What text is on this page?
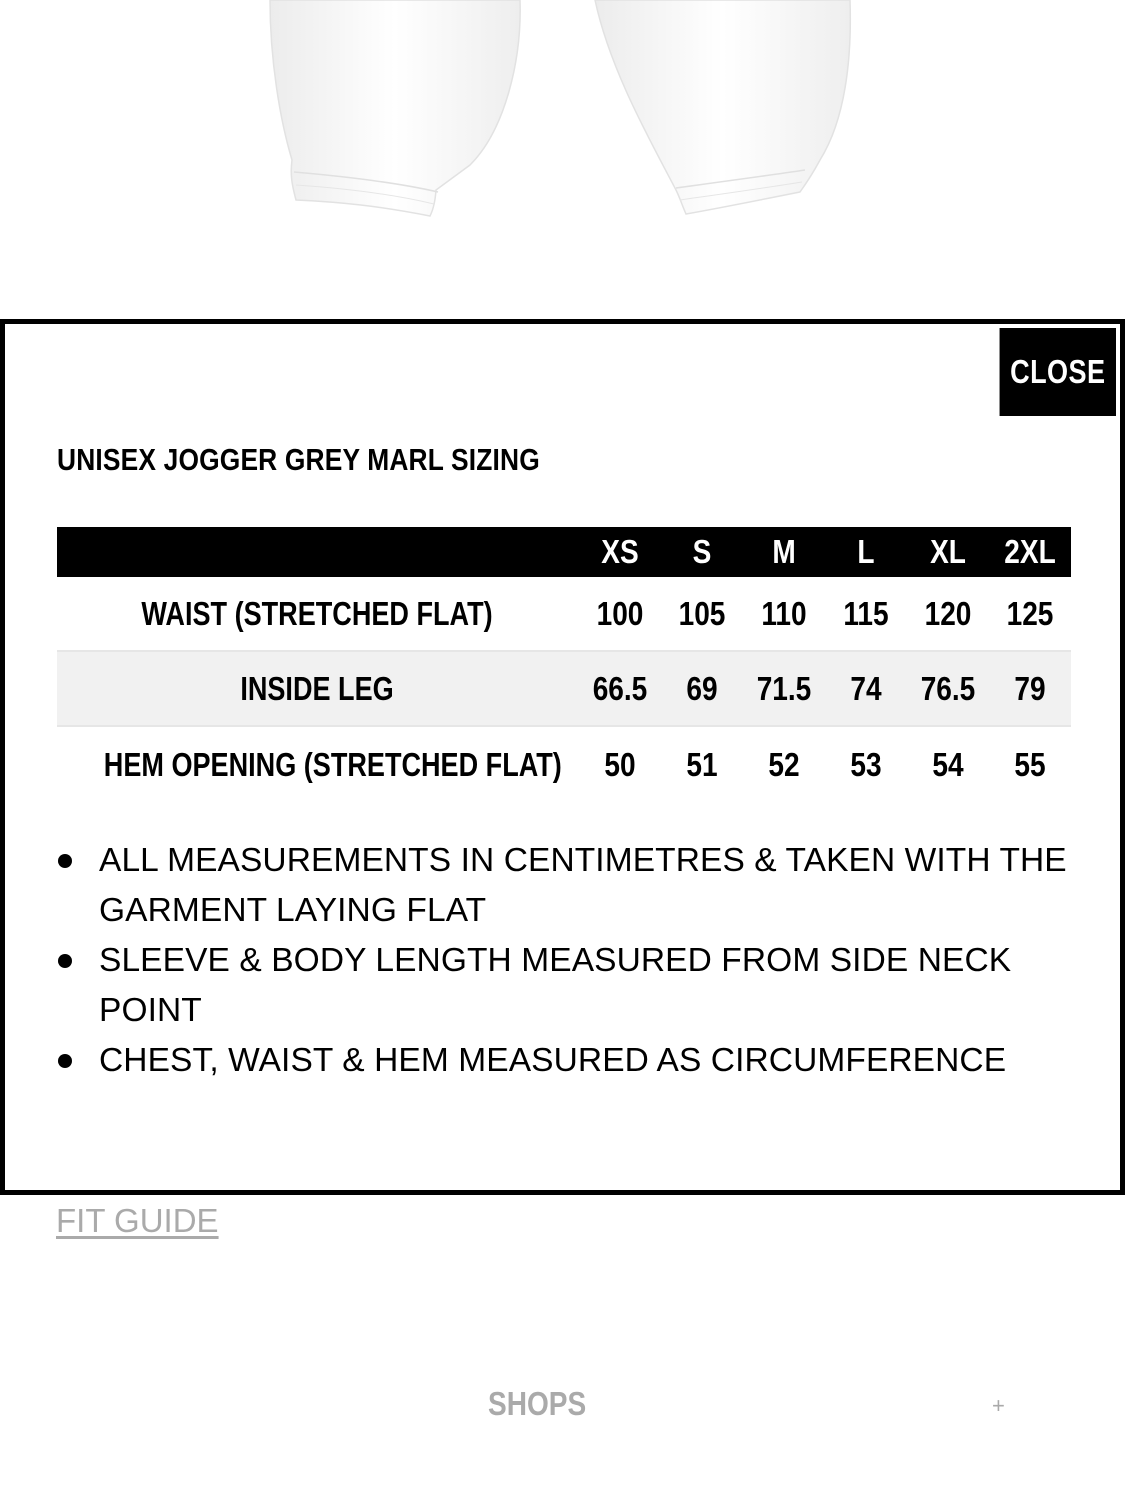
CLOSE
UNISEX JOGGER GREY MARL SIZING
XS	S	M	L	XL	2XL
WAIST (STRETCHED FLAT)	100	105	110	115	120	125
INSIDE LEG	66.5	69	71.5	74	76.5	79
HEM OPENING (STRETCHED FLAT)	50	51	52	53	54	55
ALL MEASUREMENTS IN CENTIMETRES & TAKEN WITH THE GARMENT LAYING FLAT
SLEEVE & BODY LENGTH MEASURED FROM SIDE NECK POINT
CHEST, WAIST & HEM MEASURED AS CIRCUMFERENCE
FIT GUIDE
SHOPS	+
